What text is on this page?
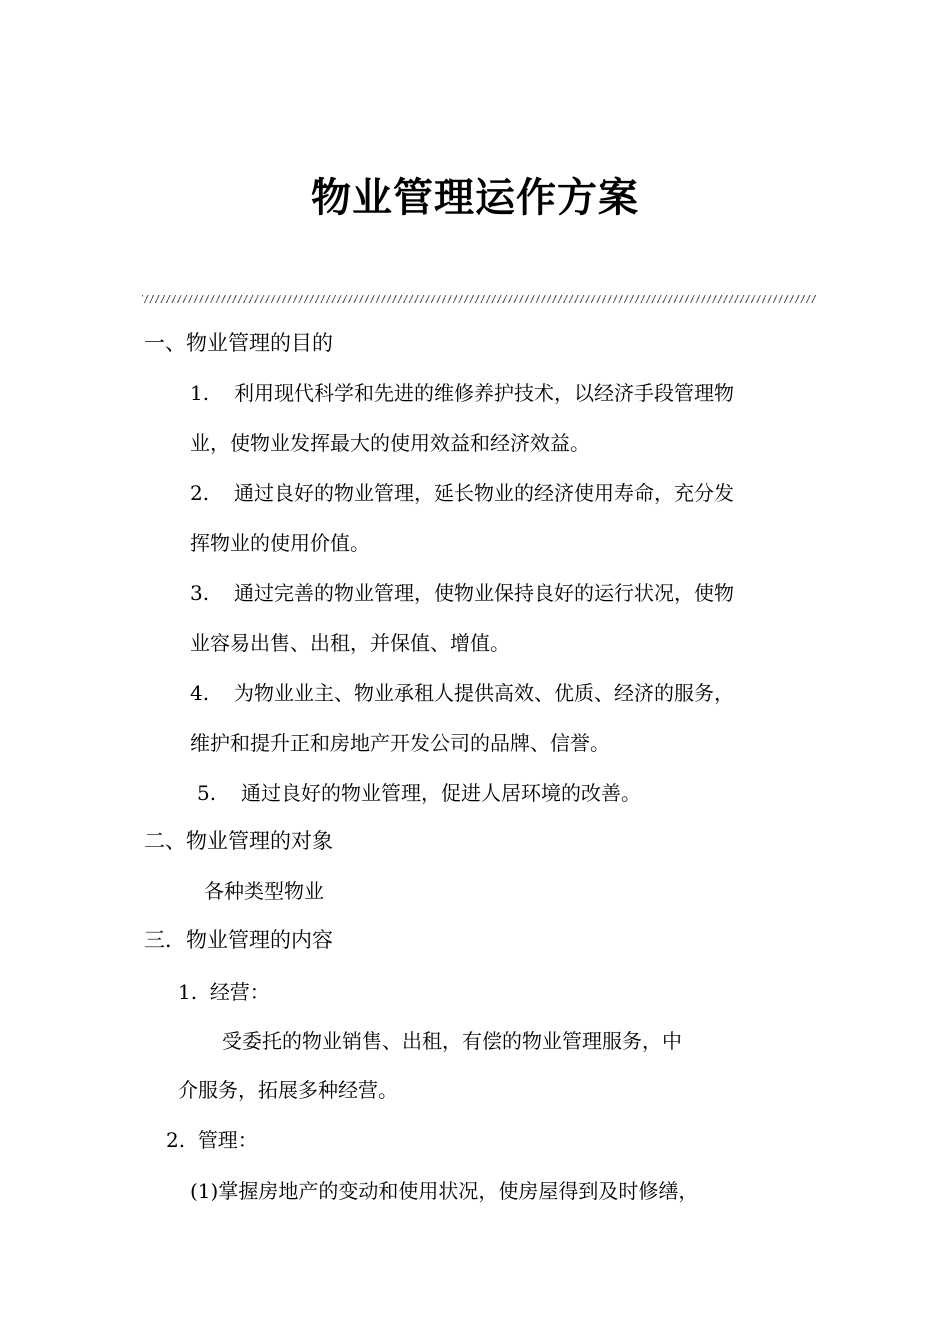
物业管理运作方案
一、物业管理的目的
1. 利用现代科学和先进的维修养护技术，以经济手段管理物
业，使物业发挥最大的使用效益和经济效益。
2. 通过良好的物业管理，延长物业的经济使用寿命，充分发
挥物业的使用价值。
3. 通过完善的物业管理，使物业保持良好的运行状况，使物
业容易出售、出租，并保值、增值。
4. 为物业业主、物业承租人提供高效、优质、经济的服务，
维护和提升正和房地产开发公司的品牌、信誉。
5. 通过良好的物业管理，促进人居环境的改善。
二、物业管理的对象
各种类型物业
三．物业管理的内容
1. 经营：
受委托的物业销售、出租，有偿的物业管理服务，中
介服务，拓展多种经营。
2. 管理：
(1)掌握房地产的变动和使用状况，使房屋得到及时修缮，
